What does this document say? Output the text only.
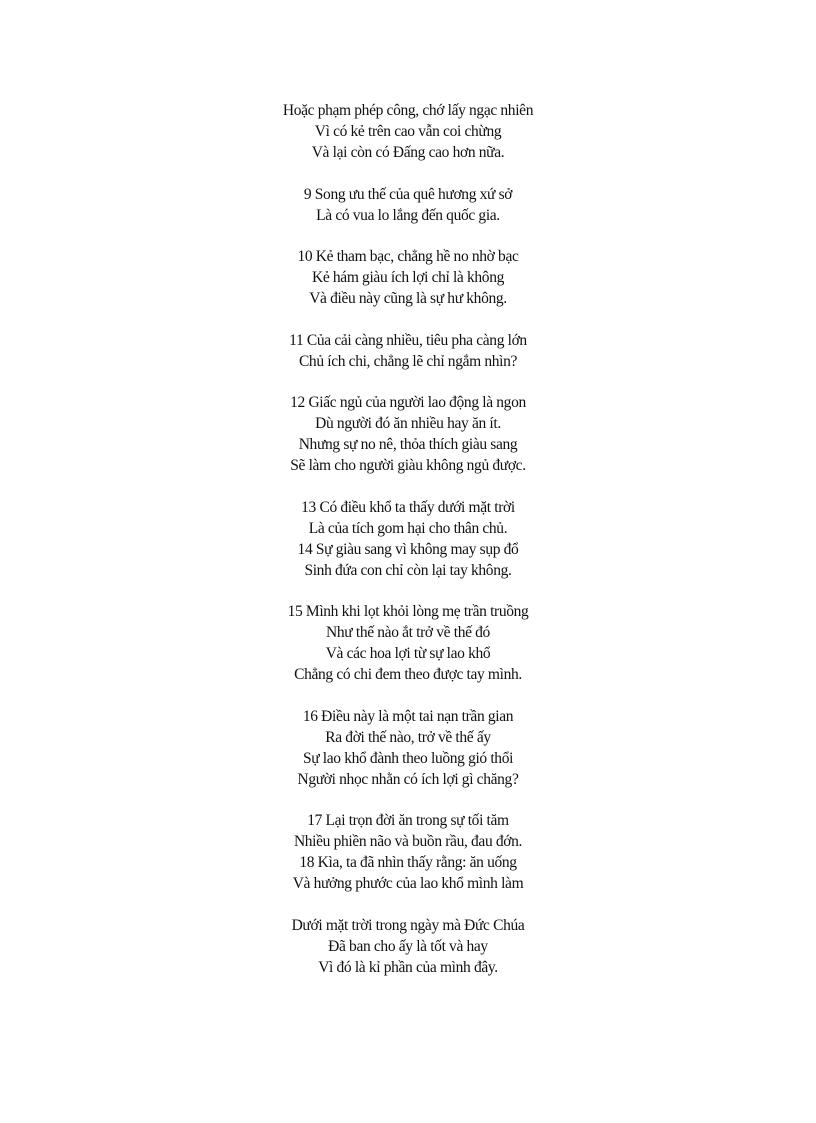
Hoặc phạm phép công, chớ lấy ngạc nhiên
Vì có kẻ trên cao vẫn coi chừng
Và lại còn có Đấng cao hơn nữa.
9 Song ưu thế của quê hương xứ sở
Là có vua lo lắng đến quốc gia.
10 Kẻ tham bạc, chẳng hề no nhờ bạc
Kẻ hám giàu ích lợi chỉ là không
Và điều này cũng là sự hư không.
11 Của cải càng nhiều, tiêu pha càng lớn
Chủ ích chi, chẳng lẽ chỉ ngắm nhìn?
12 Giấc ngủ của người lao động là ngon
Dù người đó ăn nhiều hay ăn ít.
Nhưng sự no nê, thỏa thích giàu sang
Sẽ làm cho người giàu không ngủ được.
13 Có điều khổ ta thấy dưới mặt trời
Là của tích gom hại cho thân chủ.
14 Sự giàu sang vì không may sụp đổ
Sinh đứa con chỉ còn lại tay không.
15 Mình khi lọt khỏi lòng mẹ trần truồng
Như thế nào ắt trở về thế đó
Và các hoa lợi từ sự lao khổ
Chẳng có chi đem theo được tay mình.
16 Điều này là một tai nạn trần gian
Ra đời thế nào, trở về thế ấy
Sự lao khổ đành theo luồng gió thổi
Người nhọc nhằn có ích lợi gì chăng?
17 Lại trọn đời ăn trong sự tối tăm
Nhiều phiền não và buồn rầu, đau đớn.
18 Kìa, ta đã nhìn thấy rằng: ăn uống
Và hưởng phước của lao khổ mình làm
Dưới mặt trời trong ngày mà Đức Chúa
Đã ban cho ấy là tốt và hay
Vì đó là kỉ phần của mình đây.
